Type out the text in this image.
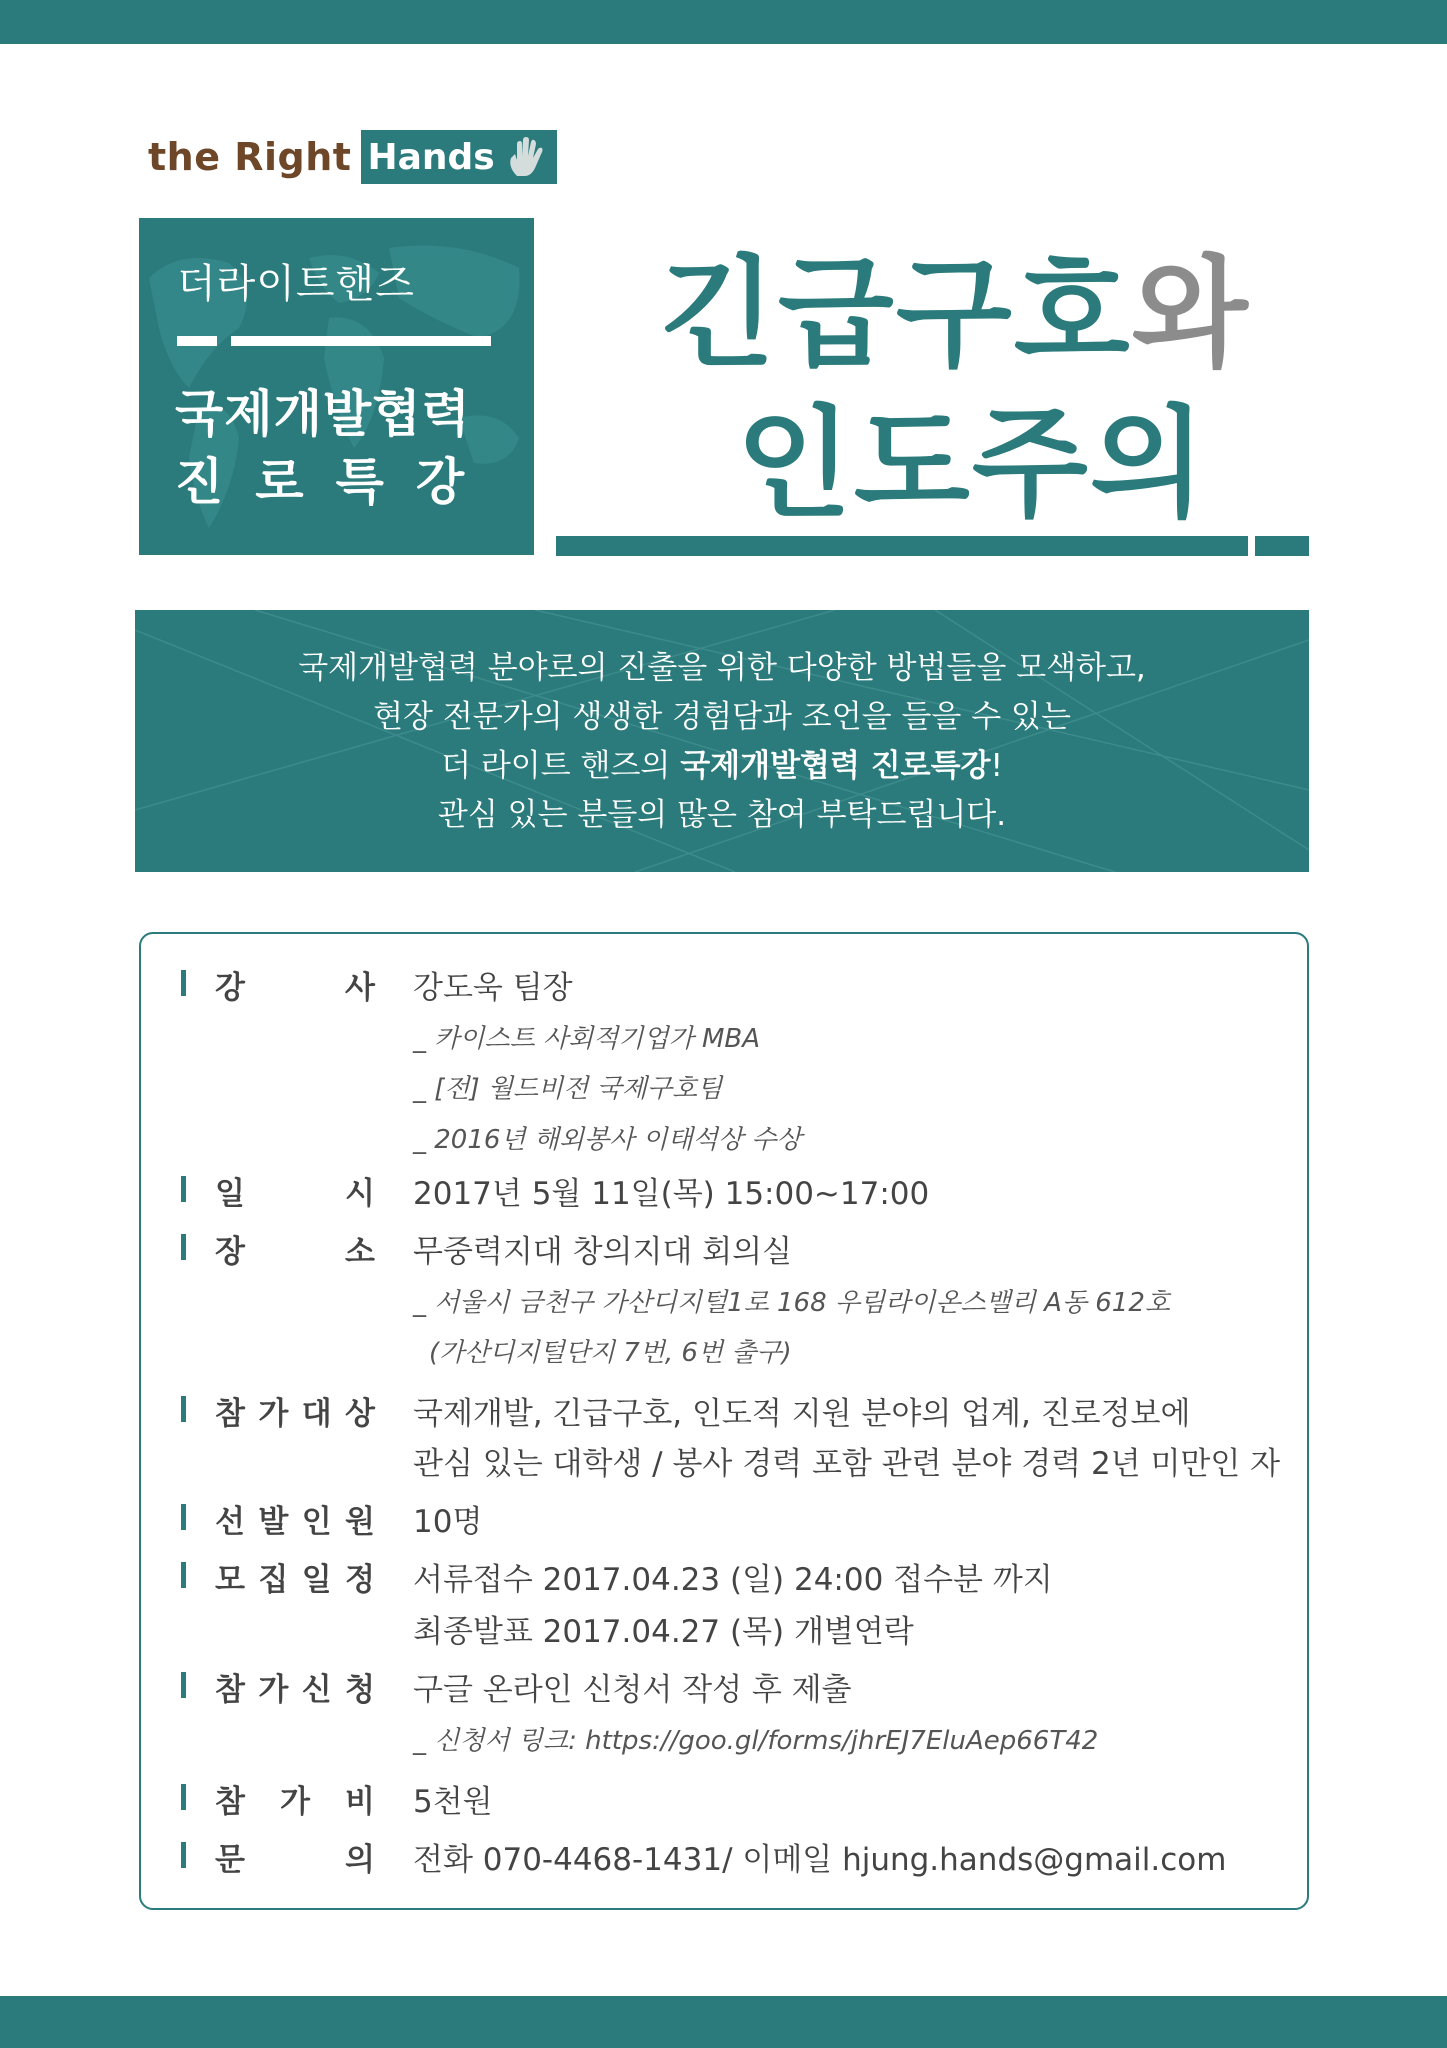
the Right Hands
더라이트핸즈
국제개발협력
진로특강
긴급구호와
인도주의
국제개발협력 분야로의 진출을 위한 다양한 방법들을 모색하고,
현장 전문가의 생생한 경험담과 조언을 들을 수 있는
더 라이트 핸즈의 국제개발협력 진로특강!
관심 있는 분들의 많은 참여 부탁드립니다.
강	사 강도욱 팀장
_ 카이스트 사회적기업가 MBA
_ [전] 월드비전 국제구호팀
_ 2016년 해외봉사 이태석상 수상
일	시 2017년 5월 11일(목) 15:00~17:00
장	소 무중력지대 창의지대 회의실
_ 서울시 금천구 가산디지털1로 168 우림라이온스밸리 A동 612호
(가산디지털단지 7번, 6번 출구)
참 가 대 상 국제개발, 긴급구호, 인도적 지원 분야의 업계, 진로정보에
관심 있는 대학생 / 봉사 경력 포함 관련 분야 경력 2년 미만인 자
선 발 인 원 10명
모 집 일 정 서류접수 2017.04.23 (일) 24:00 접수분 까지
최종발표 2017.04.27 (목) 개별연락
참 가 신 청 구글 온라인 신청서 작성 후 제출
_ 신청서 링크: https://goo.gl/forms/jhrEJ7EluAep66T42
참 가 비 5천원
문	의 전화 070-4468-1431/ 이메일 hjung.hands@gmail.com
